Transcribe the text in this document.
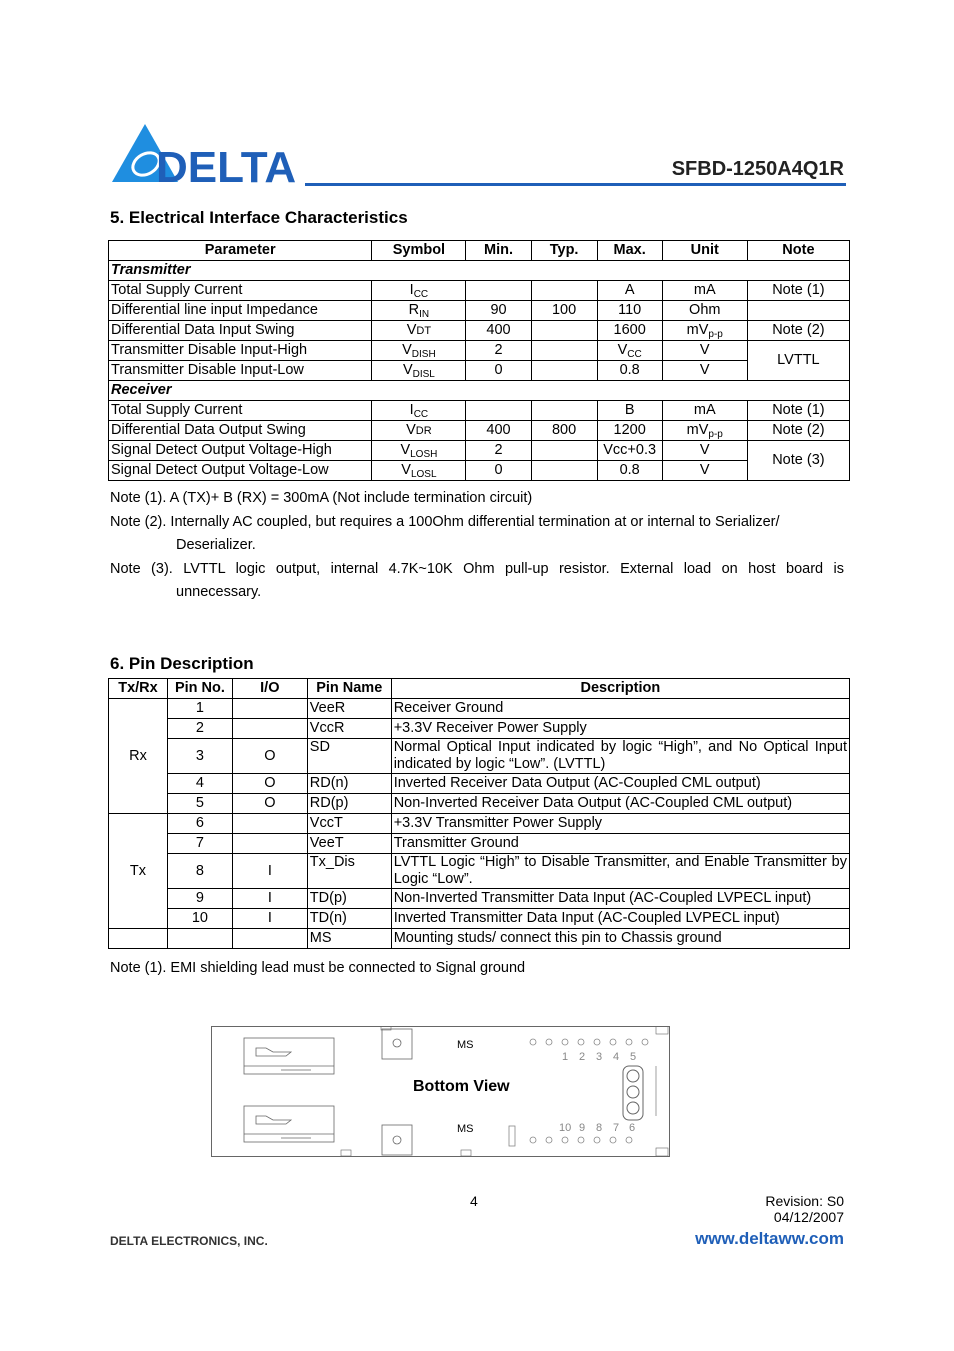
DELTA	SFBD-1250A4Q1R
5. Electrical Interface Characteristics
Parameter	Symbol	Min.	Typ.	Max.	Unit	Note
Transmitter						
Total Supply Current	$I_{CC}$			A	mA	Note (1)
Differential line input Impedance	$R_{IN}$	90	100	110	Ohm	
Differential Data Input Swing	VDT	400		1600	$mV_{p-p}$	Note (2)
Transmitter Disable Input-High	$V_{DISH}$	2		$V_{CC}$	V	LVTTL
Transmitter Disable Input-Low	$V_{DISL}$	0		0.8	V	
Receiver						
Total Supply Current	$I_{CC}$			B	mA	Note (1)
Differential Data Output Swing	VDR	400	800	1200	$mV_{p-p}$	Note (2)
Signal Detect Output Voltage-High	$V_{LOSH}$	2		Vcc+0.3	V	Note (3)
Signal Detect Output Voltage-Low	$V_{LOSL}$	0		0.8	V	

Note (1). A (TX)+ B (RX) = 300mA (Not include termination circuit)

Note (2). Internally AC coupled, but requires a 100Ohm differential termination at or internal to Serializer/

Deserializer.

Note (3). LVTTL logic output, internal 4.7K~10K Ohm pull-up resistor. External load on host board is

unnecessary.

6. Pin Description
Tx/Rx	Pin No.	I/O	Pin Name	Description
Rx	1		VeeR	Receiver Ground
	2		VccR	+3.3V Receiver Power Supply
	3	O	SD	Normal Optical Input indicated by logic “High”, and No Optical Input indicated by logic “Low”. (LVTTL)
	4	O	RD(n)	Inverted Receiver Data Output (AC-Coupled CML output)
	5	O	RD(p)	Non-Inverted Receiver Data Output (AC-Coupled CML output)
Tx	6		VccT	+3.3V Transmitter Power Supply
	7		VeeT	Transmitter Ground
	8	I	Tx_Dis	LVTTL Logic “High” to Disable Transmitter, and Enable Transmitter by Logic “Low”.
	9	I	TD(p)	Non-Inverted Transmitter Data Input (AC-Coupled LVPECL input)
	10	I	TD(n)	Inverted Transmitter Data Input (AC-Coupled LVPECL input)
			MS	Mounting studs/ connect this pin to Chassis ground

Note (1). EMI shielding lead must be connected to Signal ground

MS
MS
Bottom View
1 2 3 4 5
10 9 8 7 6
4	Revision: S0
04/12/2007
DELTA ELECTRONICS, INC.	www.deltaww.com
